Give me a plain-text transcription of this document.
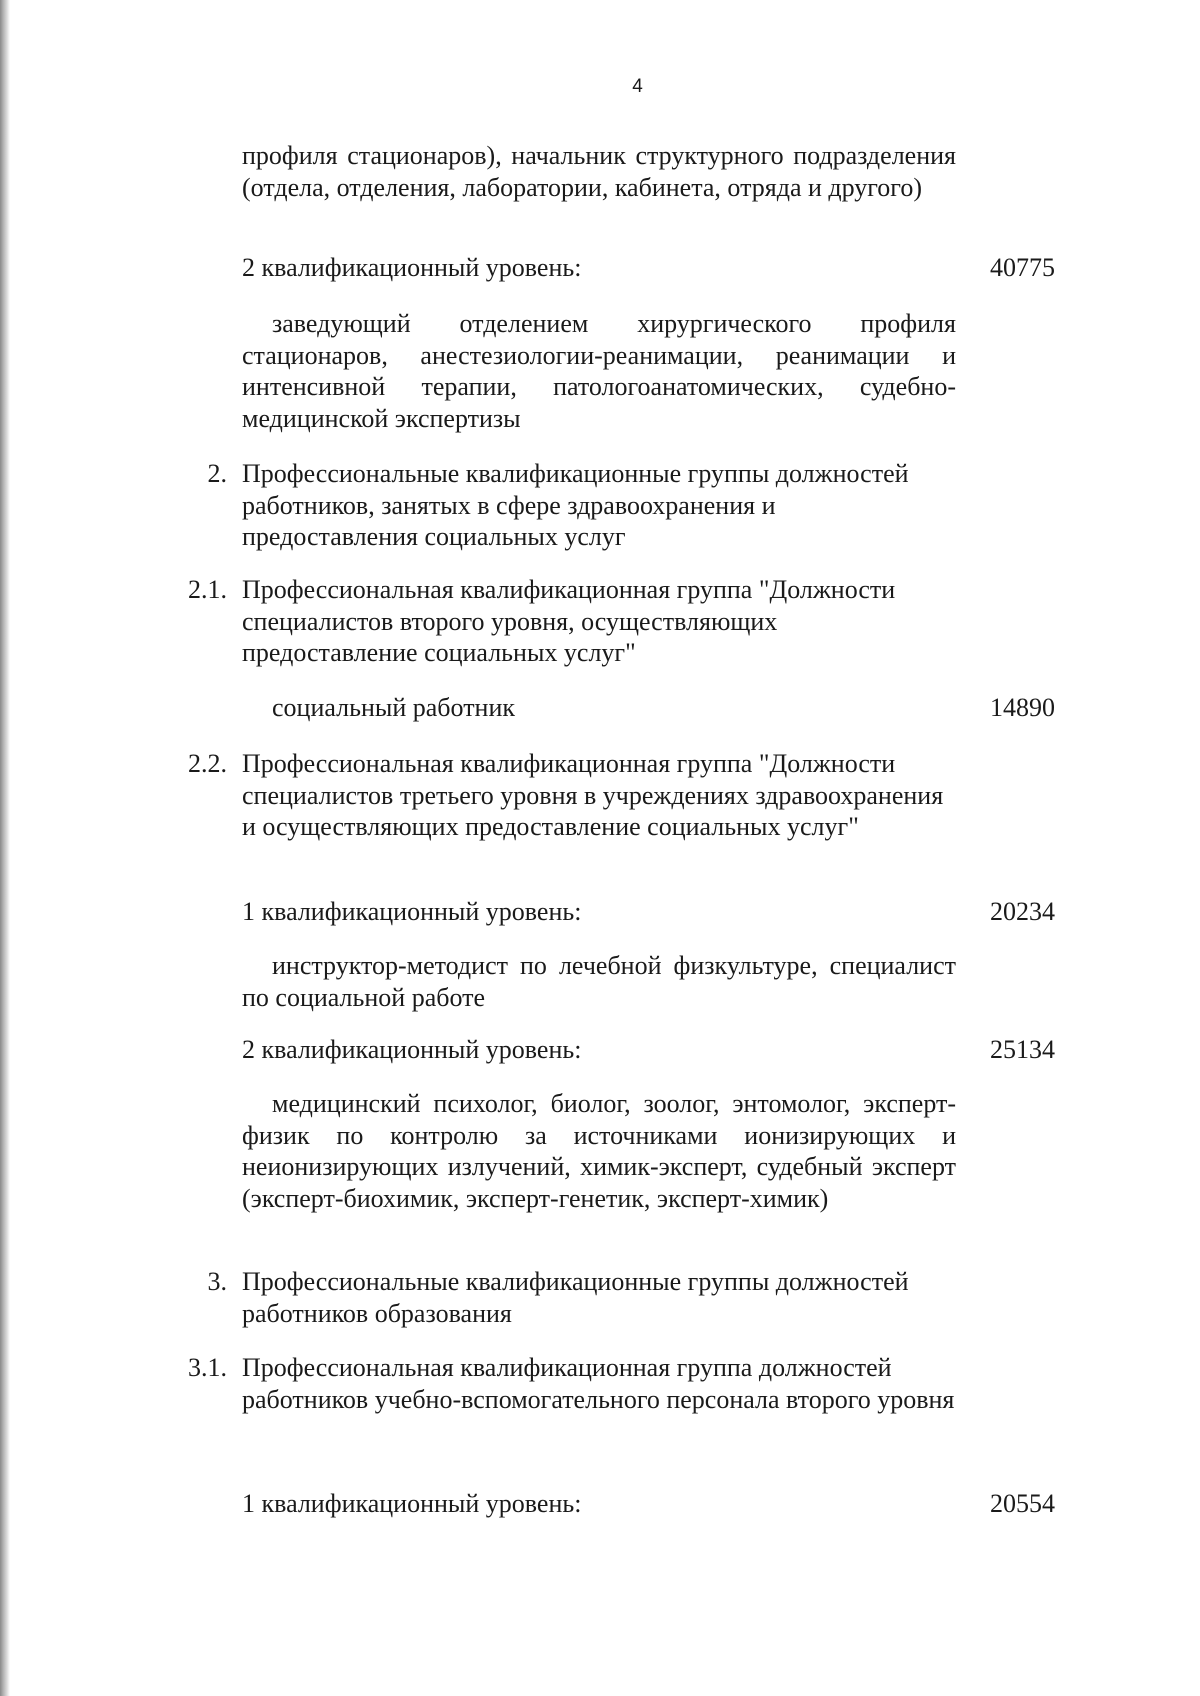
4
профиля стационаров), начальник структурного подразделения (отдела, отделения, лаборатории, кабинета, отряда и другого)
2 квалификационный уровень:	40775
заведующий отделением хирургического профиля стационаров, анестезиологии-реанимации, реанимации и интенсивной терапии, патологоанатомических, судебно-медицинской экспертизы
2. Профессиональные квалификационные группы должностей работников, занятых в сфере здравоохранения и предоставления социальных услуг
2.1. Профессиональная квалификационная группа "Должности специалистов второго уровня, осуществляющих предоставление социальных услуг"
социальный работник	14890
2.2. Профессиональная квалификационная группа "Должности специалистов третьего уровня в учреждениях здравоохранения и осуществляющих предоставление социальных услуг"
1 квалификационный уровень:	20234
инструктор-методист по лечебной физкультуре, специалист по социальной работе
2 квалификационный уровень:	25134
медицинский психолог, биолог, зоолог, энтомолог, эксперт-физик по контролю за источниками ионизирующих и неионизирующих излучений, химик-эксперт, судебный эксперт (эксперт-биохимик, эксперт-генетик, эксперт-химик)
3. Профессиональные квалификационные группы должностей работников образования
3.1. Профессиональная квалификационная группа должностей работников учебно-вспомогательного персонала второго уровня
1 квалификационный уровень:	20554
